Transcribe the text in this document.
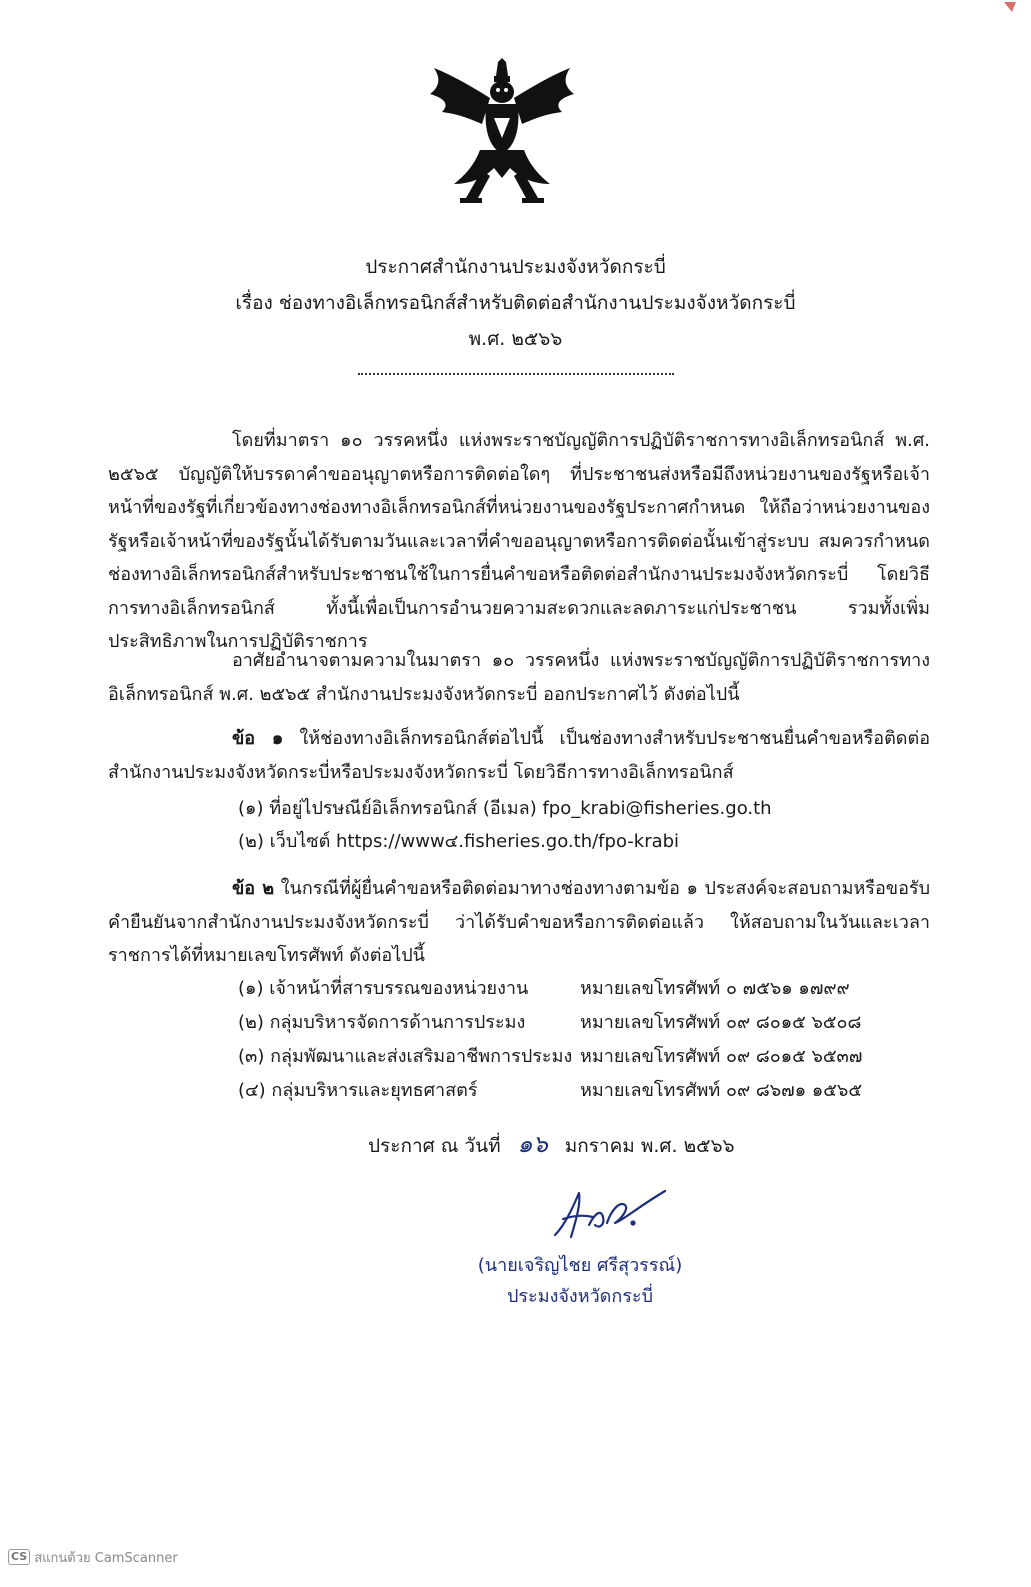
ประกาศสำนักงานประมงจังหวัดกระบี่
เรื่อง ช่องทางอิเล็กทรอนิกส์สำหรับติดต่อสำนักงานประมงจังหวัดกระบี่
พ.ศ. ๒๕๖๖
โดยที่มาตรา ๑๐ วรรคหนึ่ง แห่งพระราชบัญญัติการปฏิบัติราชการทางอิเล็กทรอนิกส์ พ.ศ. ๒๕๖๕ บัญญัติให้บรรดาคำขออนุญาตหรือการติดต่อใดๆ ที่ประชาชนส่งหรือมีถึงหน่วยงานของรัฐหรือเจ้าหน้าที่ของรัฐที่เกี่ยวข้องทางช่องทางอิเล็กทรอนิกส์ที่หน่วยงานของรัฐประกาศกำหนด ให้ถือว่าหน่วยงานของรัฐหรือเจ้าหน้าที่ของรัฐนั้นได้รับตามวันและเวลาที่คำขออนุญาตหรือการติดต่อนั้นเข้าสู่ระบบ สมควรกำหนดช่องทางอิเล็กทรอนิกส์สำหรับประชาชนใช้ในการยื่นคำขอหรือติดต่อสำนักงานประมงจังหวัดกระบี่ โดยวิธีการทางอิเล็กทรอนิกส์ ทั้งนี้เพื่อเป็นการอำนวยความสะดวกและลดภาระแก่ประชาชน รวมทั้งเพิ่มประสิทธิภาพในการปฏิบัติราชการ
อาศัยอำนาจตามความในมาตรา ๑๐ วรรคหนึ่ง แห่งพระราชบัญญัติการปฏิบัติราชการทางอิเล็กทรอนิกส์ พ.ศ. ๒๕๖๕ สำนักงานประมงจังหวัดกระบี่ ออกประกาศไว้ ดังต่อไปนี้
ข้อ ๑ ให้ช่องทางอิเล็กทรอนิกส์ต่อไปนี้ เป็นช่องทางสำหรับประชาชนยื่นคำขอหรือติดต่อสำนักงานประมงจังหวัดกระบี่หรือประมงจังหวัดกระบี่ โดยวิธีการทางอิเล็กทรอนิกส์
(๑) ที่อยู่ไปรษณีย์อิเล็กทรอนิกส์ (อีเมล) fpo_krabi@fisheries.go.th
(๒) เว็บไซต์ https://www๔.fisheries.go.th/fpo-krabi
ข้อ ๒ ในกรณีที่ผู้ยื่นคำขอหรือติดต่อมาทางช่องทางตามข้อ ๑ ประสงค์จะสอบถามหรือขอรับคำยืนยันจากสำนักงานประมงจังหวัดกระบี่ ว่าได้รับคำขอหรือการติดต่อแล้ว ให้สอบถามในวันและเวลาราชการได้ที่หมายเลขโทรศัพท์ ดังต่อไปนี้
(๑) เจ้าหน้าที่สารบรรณของหน่วยงาน	หมายเลขโทรศัพท์ ๐ ๗๕๖๑ ๑๗๙๙
(๒) กลุ่มบริหารจัดการด้านการประมง	หมายเลขโทรศัพท์ ๐๙ ๘๐๑๕ ๖๕๐๘
(๓) กลุ่มพัฒนาและส่งเสริมอาชีพการประมง หมายเลขโทรศัพท์ ๐๙ ๘๐๑๕ ๖๕๓๗
(๔) กลุ่มบริหารและยุทธศาสตร์	หมายเลขโทรศัพท์ ๐๙ ๘๖๗๑ ๑๕๖๕
ประกาศ ณ วันที่ ๑๖ มกราคม พ.ศ. ๒๕๖๖
(นายเจริญไชย ศรีสุวรรณ์)
ประมงจังหวัดกระบี่
CS สแกนด้วย CamScanner
